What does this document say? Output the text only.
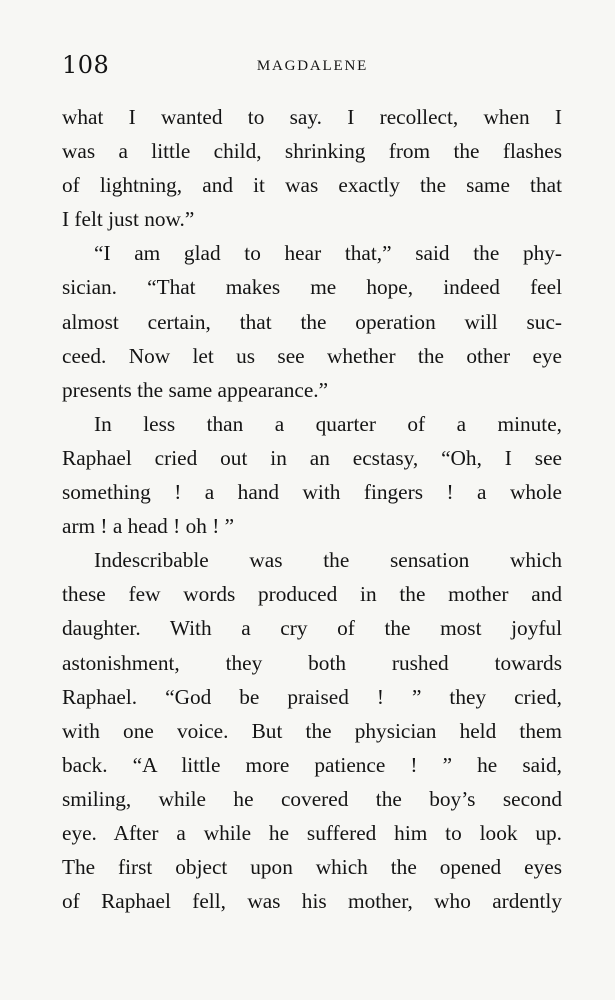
108	MAGDALENE
what I wanted to say. I recollect, when I
was a little child, shrinking from the flashes
of lightning, and it was exactly the same that
I felt just now.”
“I am glad to hear that,” said the phy-
sician. “That makes me hope, indeed feel
almost certain, that the operation will suc-
ceed. Now let us see whether the other eye
presents the same appearance.”
In less than a quarter of a minute,
Raphael cried out in an ecstasy, “Oh, I see
something ! a hand with fingers ! a whole
arm ! a head ! oh ! ”
Indescribable was the sensation which
these few words produced in the mother and
daughter. With a cry of the most joyful
astonishment, they both rushed towards
Raphael. “God be praised ! ” they cried,
with one voice. But the physician held them
back. “A little more patience ! ” he said,
smiling, while he covered the boy’s second
eye. After a while he suffered him to look up.
The first object upon which the opened eyes
of Raphael fell, was his mother, who ardently
